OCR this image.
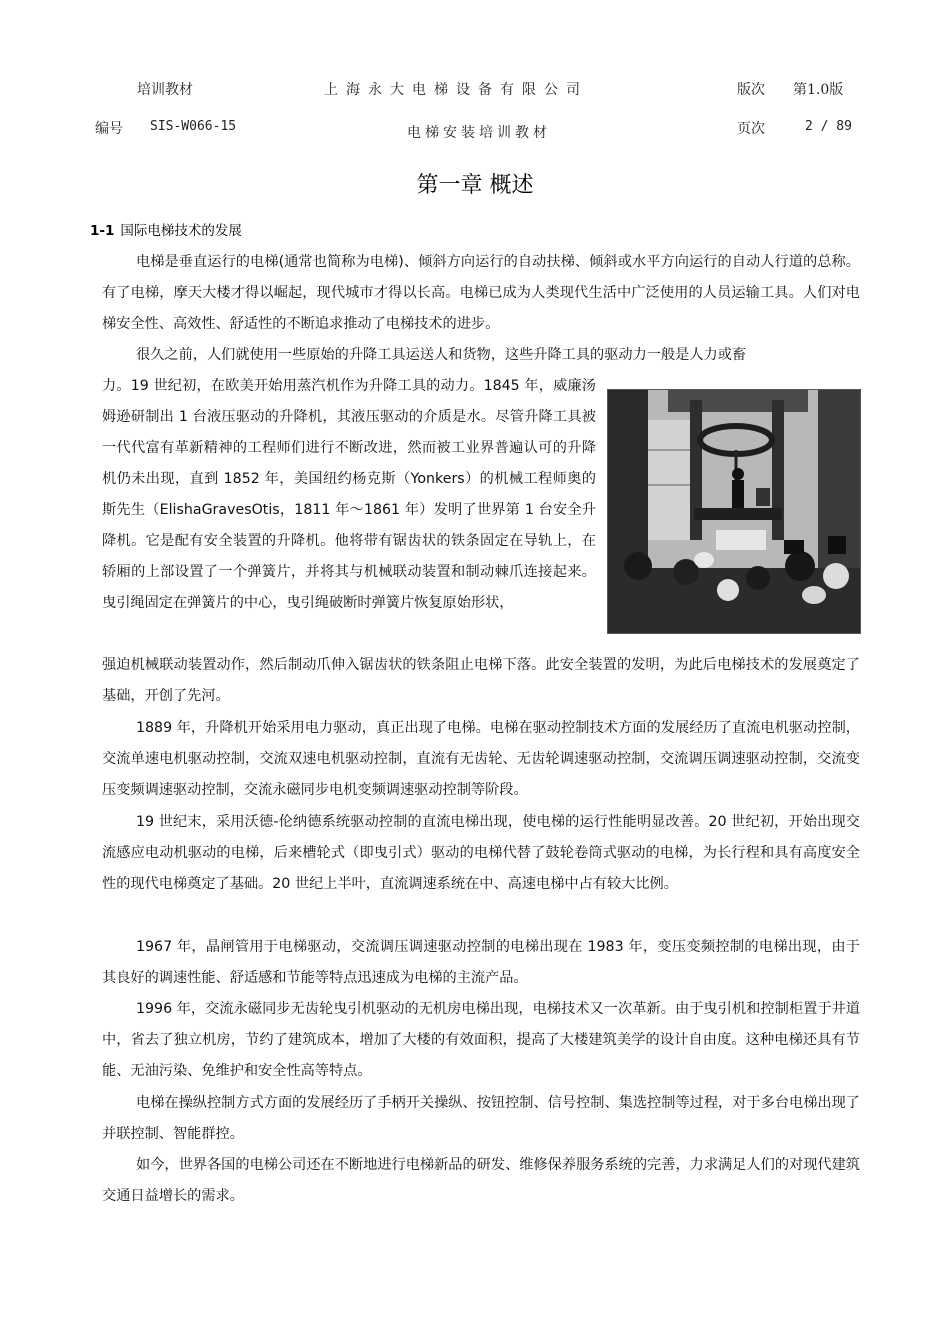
培训教材	上海永大电梯设备有限公司	版次 第1.0版
编号 SIS-W066-15	电梯安装培训教材	页次	2 / 89
第一章 概述
1-1 国际电梯技术的发展
电梯是垂直运行的电梯(通常也简称为电梯)、倾斜方向运行的自动扶梯、倾斜或水平方向运行的自动人行道的总称。有了电梯，摩天大楼才得以崛起，现代城市才得以长高。电梯已成为人类现代生活中广泛使用的人员运输工具。人们对电梯安全性、高效性、舒适性的不断追求推动了电梯技术的进步。
很久之前，人们就使用一些原始的升降工具运送人和货物，这些升降工具的驱动力一般是人力或畜
力。19 世纪初，在欧美开始用蒸汽机作为升降工具的动力。1845 年，威廉汤姆逊研制出 1 台液压驱动的升降机，其液压驱动的介质是水。尽管升降工具被一代代富有革新精神的工程师们进行不断改进，然而被工业界普遍认可的升降机仍未出现，直到 1852 年，美国纽约杨克斯（Yonkers）的机械工程师奥的斯先生（ElishaGravesOtis，1811 年～1861 年）发明了世界第 1 台安全升降机。它是配有安全装置的升降机。他将带有锯齿状的铁条固定在导轨上，在轿厢的上部设置了一个弹簧片，并将其与机械联动装置和制动棘爪连接起来。曳引绳固定在弹簧片的中心，曳引绳破断时弹簧片恢复原始形状，
强迫机械联动装置动作，然后制动爪伸入锯齿状的铁条阻止电梯下落。此安全装置的发明，为此后电梯技术的发展奠定了基础，开创了先河。
1889 年，升降机开始采用电力驱动，真正出现了电梯。电梯在驱动控制技术方面的发展经历了直流电机驱动控制，交流单速电机驱动控制，交流双速电机驱动控制，直流有无齿轮、无齿轮调速驱动控制，交流调压调速驱动控制，交流变压变频调速驱动控制，交流永磁同步电机变频调速驱动控制等阶段。
19 世纪末，采用沃德-伦纳德系统驱动控制的直流电梯出现，使电梯的运行性能明显改善。20 世纪初，开始出现交流感应电动机驱动的电梯，后来槽轮式（即曳引式）驱动的电梯代替了鼓轮卷筒式驱动的电梯，为长行程和具有高度安全性的现代电梯奠定了基础。20 世纪上半叶，直流调速系统在中、高速电梯中占有较大比例。
1967 年，晶闸管用于电梯驱动，交流调压调速驱动控制的电梯出现在 1983 年，变压变频控制的电梯出现，由于其良好的调速性能、舒适感和节能等特点迅速成为电梯的主流产品。
1996 年，交流永磁同步无齿轮曳引机驱动的无机房电梯出现，电梯技术又一次革新。由于曳引机和控制柜置于井道中，省去了独立机房，节约了建筑成本，增加了大楼的有效面积，提高了大楼建筑美学的设计自由度。这种电梯还具有节能、无油污染、免维护和安全性高等特点。
电梯在操纵控制方式方面的发展经历了手柄开关操纵、按钮控制、信号控制、集选控制等过程，对于多台电梯出现了并联控制、智能群控。
如今，世界各国的电梯公司还在不断地进行电梯新品的研发、维修保养服务系统的完善，力求满足人们的对现代建筑交通日益增长的需求。
